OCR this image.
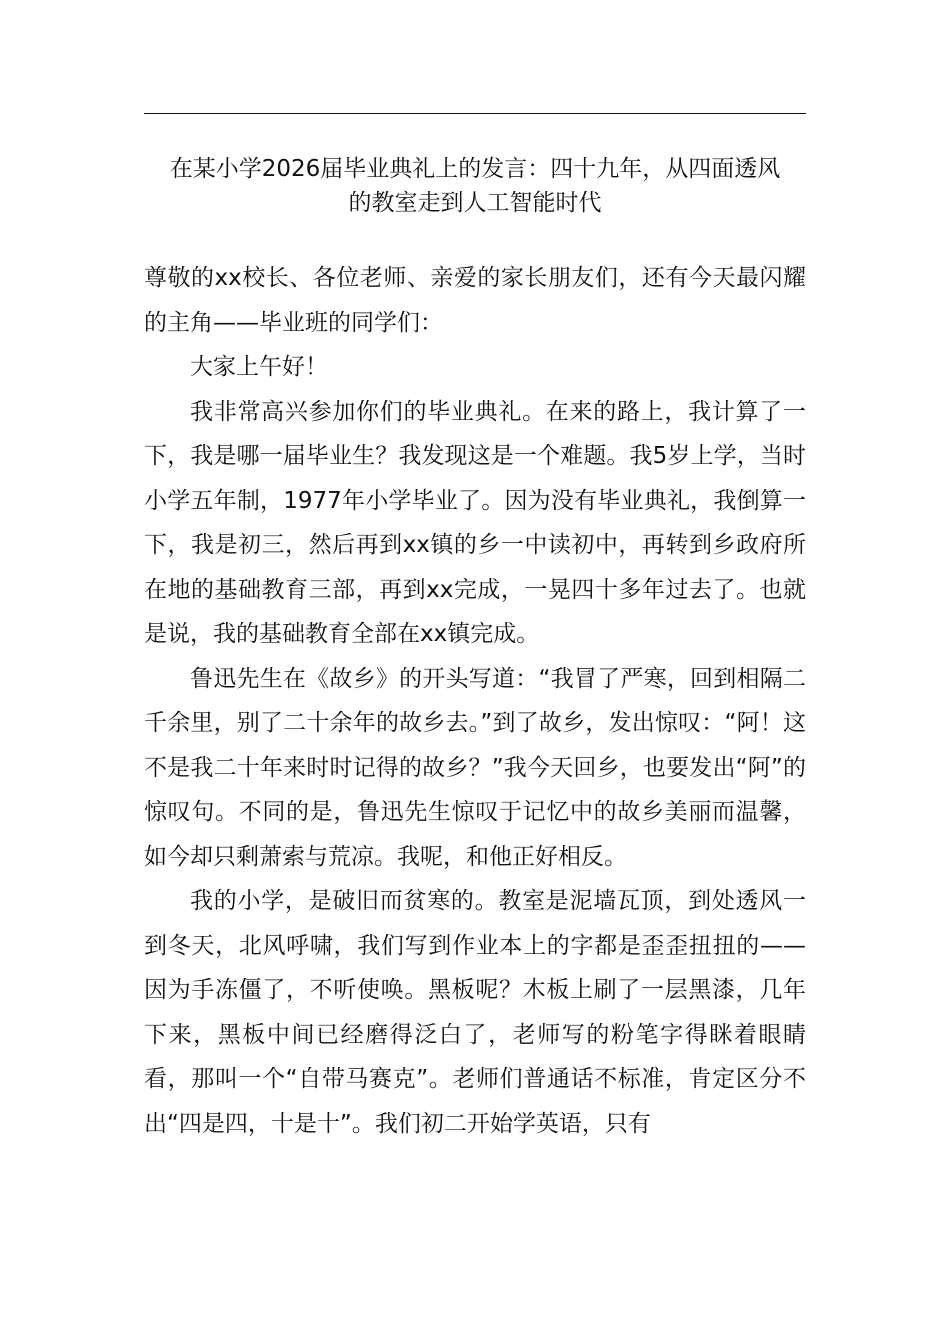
在某小学2026届毕业典礼上的发言：四十九年，从四面透风
的教室走到人工智能时代

尊敬的xx校长、各位老师、亲爱的家长朋友们，还有今天最闪耀的主角——毕业班的同学们：

大家上午好！

我非常高兴参加你们的毕业典礼。在来的路上，我计算了一下，我是哪一届毕业生？我发现这是一个难题。我5岁上学，当时小学五年制，1977年小学毕业了。因为没有毕业典礼，我倒算一下，我是初三，然后再到xx镇的乡一中读初中，再转到乡政府所在地的基础教育三部，再到xx完成，一晃四十多年过去了。也就是说，我的基础教育全部在xx镇完成。

鲁迅先生在《故乡》的开头写道：“我冒了严寒，回到相隔二千余里，别了二十余年的故乡去。”到了故乡，发出惊叹：“阿！这不是我二十年来时时记得的故乡？”我今天回乡，也要发出“阿”的惊叹句。不同的是，鲁迅先生惊叹于记忆中的故乡美丽而温馨，如今却只剩萧索与荒凉。我呢，和他正好相反。

我的小学，是破旧而贫寒的。教室是泥墙瓦顶，到处透风一到冬天，北风呼啸，我们写到作业本上的字都是歪歪扭扭的——因为手冻僵了，不听使唤。黑板呢？木板上刷了一层黑漆，几年下来，黑板中间已经磨得泛白了，老师写的粉笔字得眯着眼睛看，那叫一个“自带马赛克”。老师们普通话不标准，肯定区分不出“四是四，十是十”。我们初二开始学英语，只有
